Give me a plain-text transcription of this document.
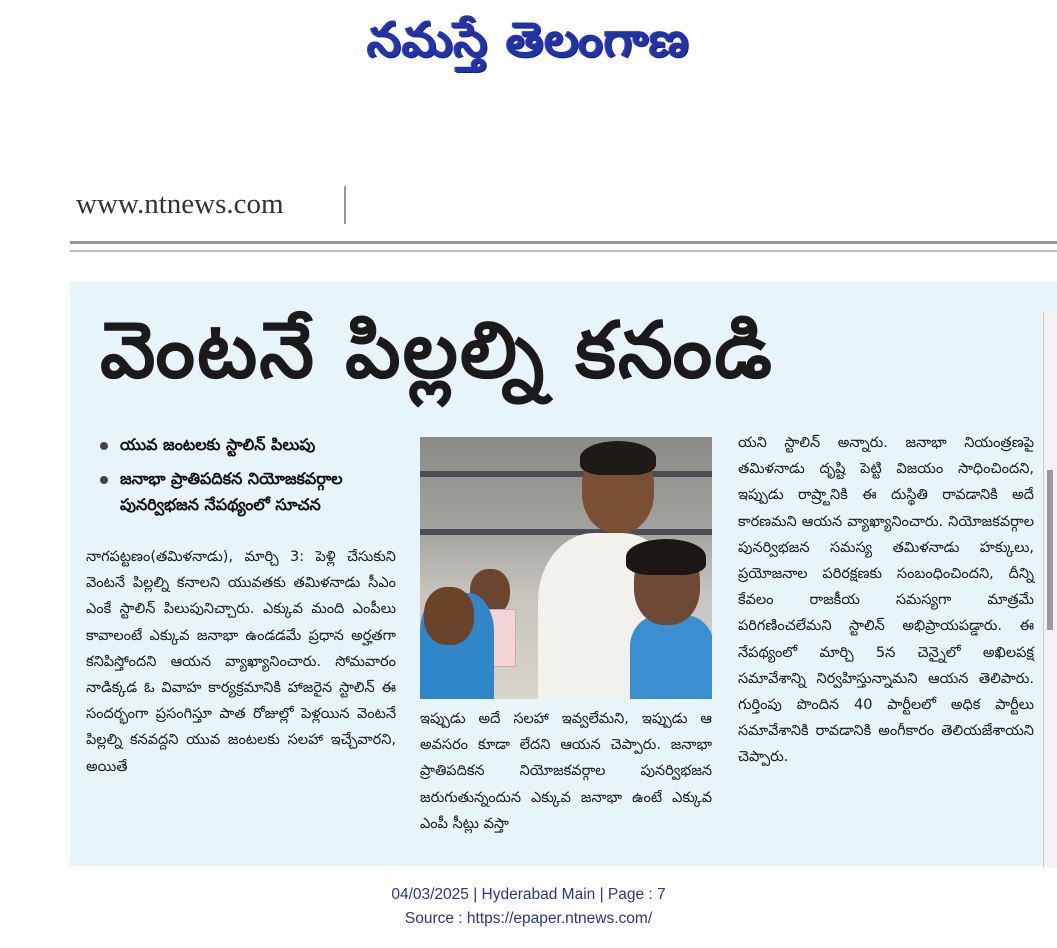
నమస్తే తెలంగాణ
www.ntnews.com
వెంటనే పిల్లల్ని కనండి
యువ జంటలకు స్టాలిన్ పిలుపు
జనాభా ప్రాతిపదికన నియోజకవర్గాల
పునర్విభజన నేపథ్యంలో సూచన

నాగపట్టణం(తమిళనాడు), మార్చి 3: పెళ్లి చేసుకుని వెంటనే పిల్లల్ని కనాలని యువతకు తమిళనాడు సీఎం ఎంకే స్టాలిన్ పిలుపునిచ్చారు. ఎక్కువ మంది ఎంపీలు కావాలంటే ఎక్కువ జనాభా ఉండడమే ప్రధాన అర్హతగా కనిపిస్తోందని ఆయన వ్యాఖ్యానించారు. సోమవారం నాడిక్కడ ఓ వివాహ కార్యక్రమానికి హాజరైన స్టాలిన్ ఈ సందర్భంగా ప్రసంగిస్తూ పాత రోజుల్లో పెళ్లయిన వెంటనే పిల్లల్ని కనవద్దని యువ జంటలకు సలహా ఇచ్చేవారని, అయితే

ఇప్పుడు అదే సలహా ఇవ్వలేమని, ఇప్పుడు ఆ అవసరం కూడా లేదని ఆయన చెప్పారు. జనాభా ప్రాతిపదికన నియోజకవర్గాల పునర్విభజన జరుగుతున్నందున ఎక్కువ జనాభా ఉంటే ఎక్కువ ఎంపీ సీట్లు వస్తా

యని స్టాలిన్ అన్నారు. జనాభా నియంత్రణపై తమిళనాడు దృష్టి పెట్టి విజయం సాధించిందని, ఇప్పుడు రాష్ర్టానికి ఈ దుస్థితి రావడానికి అదే కారణమని ఆయన వ్యాఖ్యానించారు. నియోజకవర్గాల పునర్విభజన సమస్య తమిళనాడు హక్కులు, ప్రయోజనాల పరిరక్షణకు సంబంధించిందని, దీన్ని కేవలం రాజకీయ సమస్యగా మాత్రమే పరిగణించలేమని స్టాలిన్ అభిప్రాయపడ్డారు. ఈ నేపథ్యంలో మార్చి 5న చెన్నైలో అఖిలపక్ష సమావేశాన్ని నిర్వహిస్తున్నామని ఆయన తెలిపారు. గుర్తింపు పొందిన 40 పార్టీలలో అధిక పార్టీలు సమావేశానికి రావడానికి అంగీకారం తెలియజేశాయని చెప్పారు.

04/03/2025 | Hyderabad Main | Page : 7
Source : https://epaper.ntnews.com/
